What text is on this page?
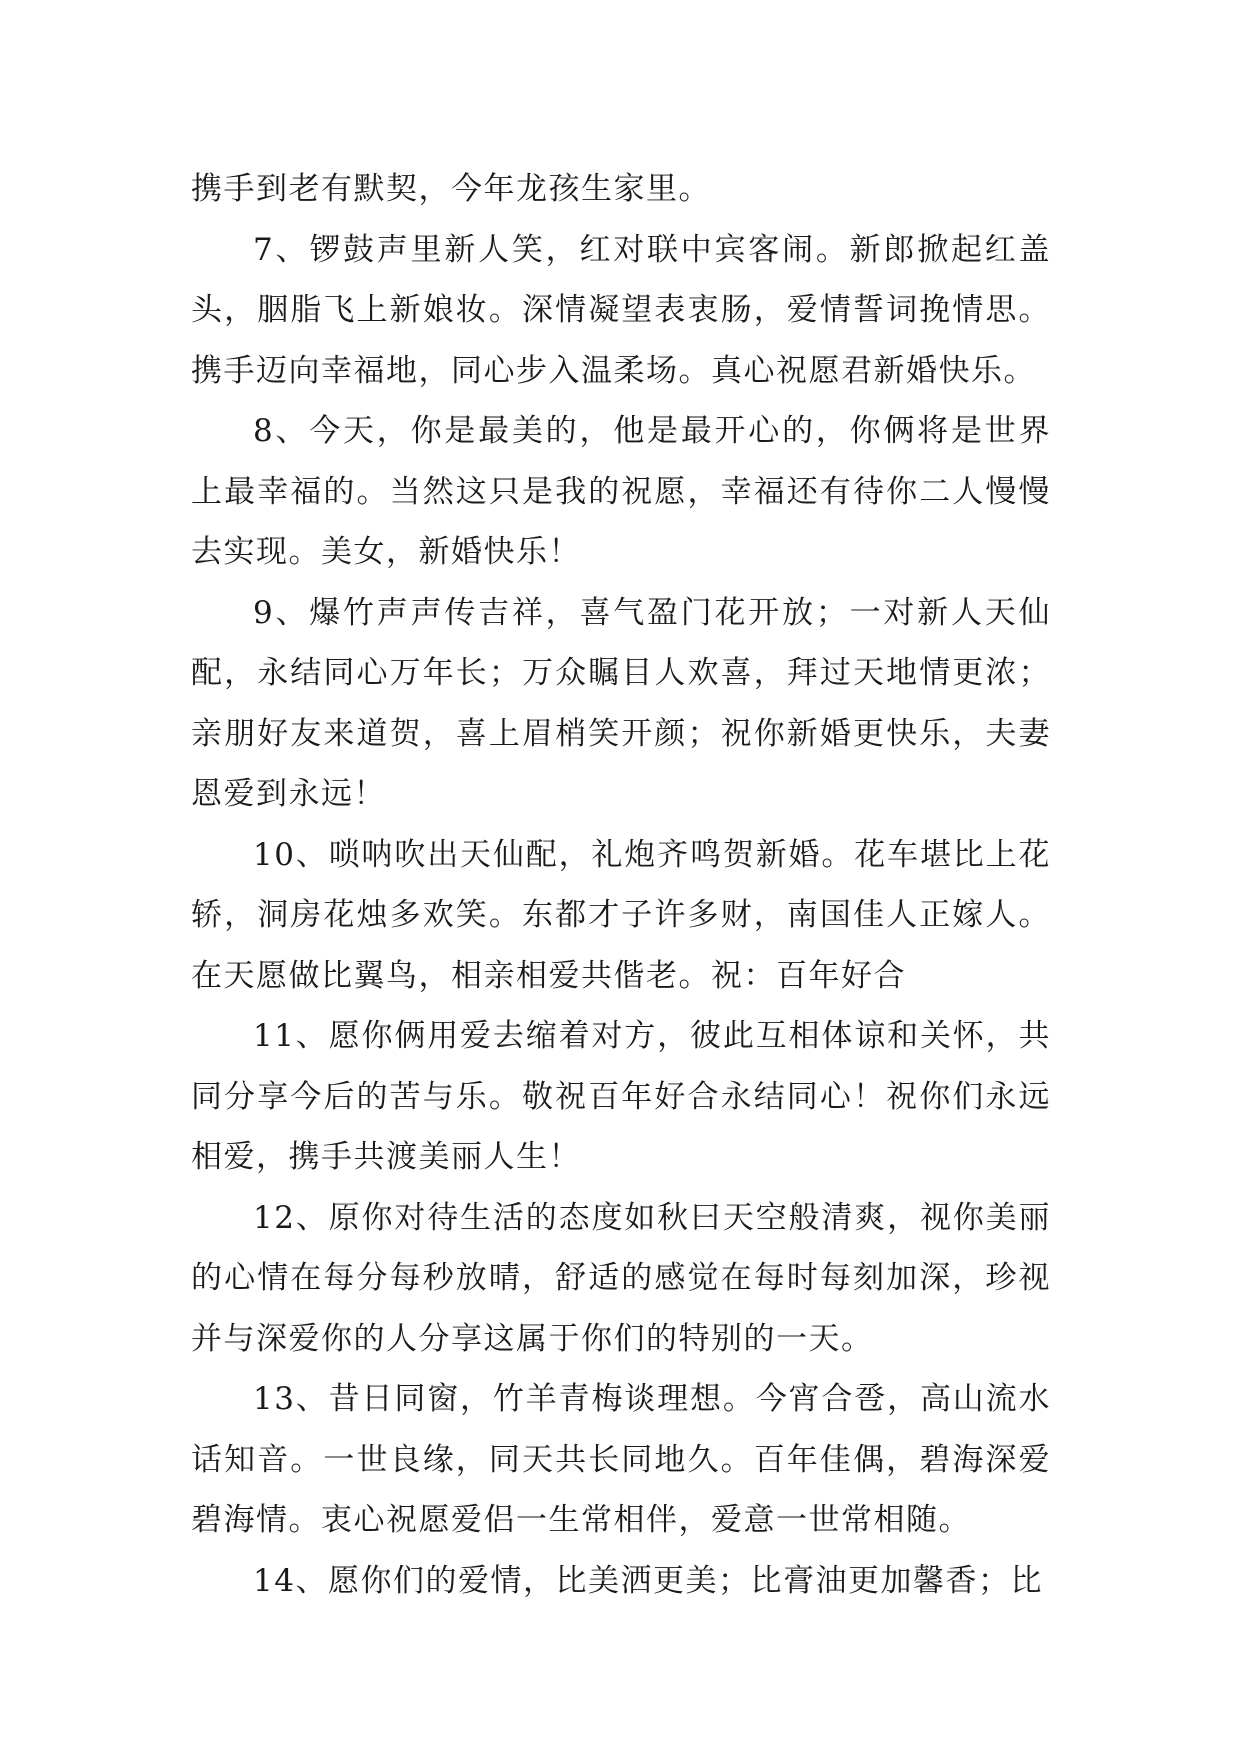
携手到老有默契，今年龙孩生家里。

7、锣鼓声里新人笑，红对联中宾客闹。新郎掀起红盖头，胭脂飞上新娘妆。深情凝望表衷肠，爱情誓词挽情思。携手迈向幸福地，同心步入温柔场。真心祝愿君新婚快乐。

8、今天，你是最美的，他是最开心的，你俩将是世界上最幸福的。当然这只是我的祝愿，幸福还有待你二人慢慢去实现。美女，新婚快乐！

9、爆竹声声传吉祥，喜气盈门花开放；一对新人天仙配，永结同心万年长；万众瞩目人欢喜，拜过天地情更浓；亲朋好友来道贺，喜上眉梢笑开颜；祝你新婚更快乐，夫妻恩爱到永远！

10、唢呐吹出天仙配，礼炮齐鸣贺新婚。花车堪比上花轿，洞房花烛多欢笑。东都才子许多财，南国佳人正嫁人。在天愿做比翼鸟，相亲相爱共偕老。祝：百年好合

11、愿你俩用爱去缩着对方，彼此互相体谅和关怀，共同分享今后的苦与乐。敬祝百年好合永结同心！祝你们永远相爱，携手共渡美丽人生！

12、原你对待生活的态度如秋曰天空般清爽，视你美丽的心情在每分每秒放晴，舒适的感觉在每时每刻加深，珍视并与深爱你的人分享这属于你们的特别的一天。

13、昔日同窗，竹羊青梅谈理想。今宵合卺，高山流水话知音。一世良缘，同天共长同地久。百年佳偶，碧海深爱碧海情。衷心祝愿爱侣一生常相伴，爱意一世常相随。

14、愿你们的爱情，比美洒更美；比膏油更加馨香；比
